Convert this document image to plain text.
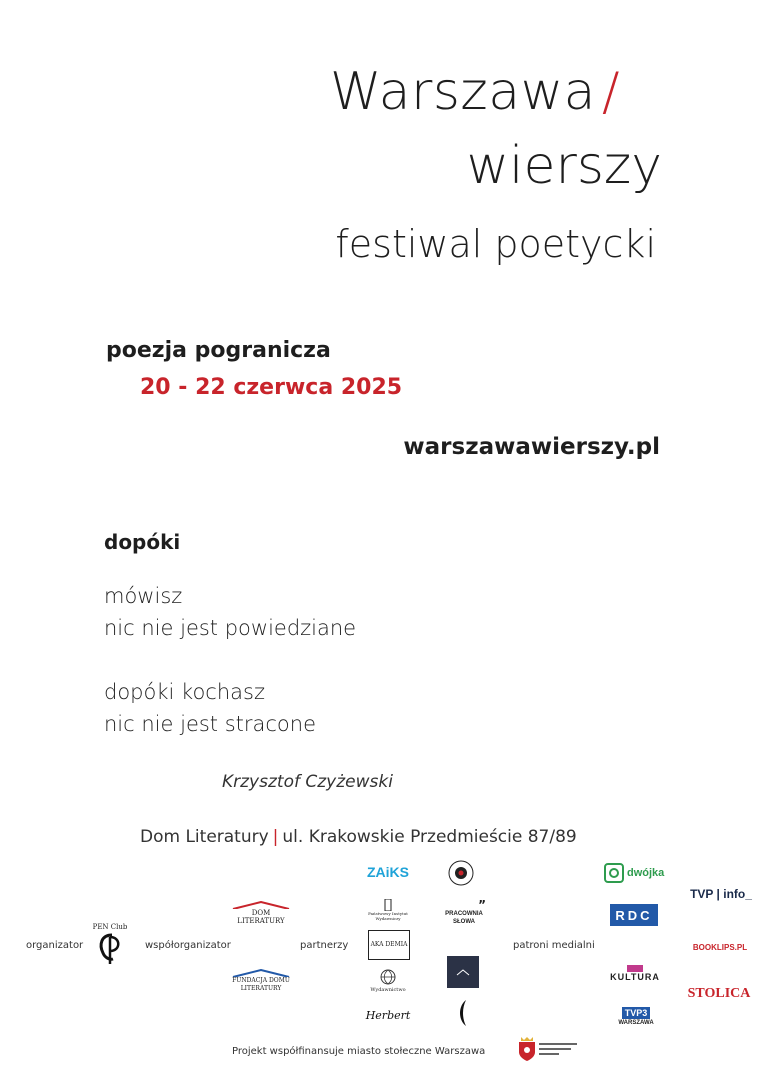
Warszawa /
wierszy
festiwal poetycki
poezja pogranicza
20 - 22 czerwca 2025
warszawawierszy.pl
dopóki
mówisz
nic nie jest powiedziane
dopóki kochasz
nic nie jest stracone
Krzysztof Czyżewski
Dom Literatury | ul. Krakowskie Przedmieście 87/89
organizator	współorganizator	partnerzy	patroni medialni
PEN Club
DOM LITERATURY
FUNDACJA DOMU LITERATURY
ZAiKS
Państwowy Instytut Wydawniczy
AKA DEMIA
Wydawnictwo
Herbert
”
PRACOWNIA SŁOWA
dwójka
RDC
KULTURA
TVP3
WARSZAWA
TVP | info_
BOOKLIPS.PL
STOLICA
Projekt współfinansuje miasto stołeczne Warszawa
